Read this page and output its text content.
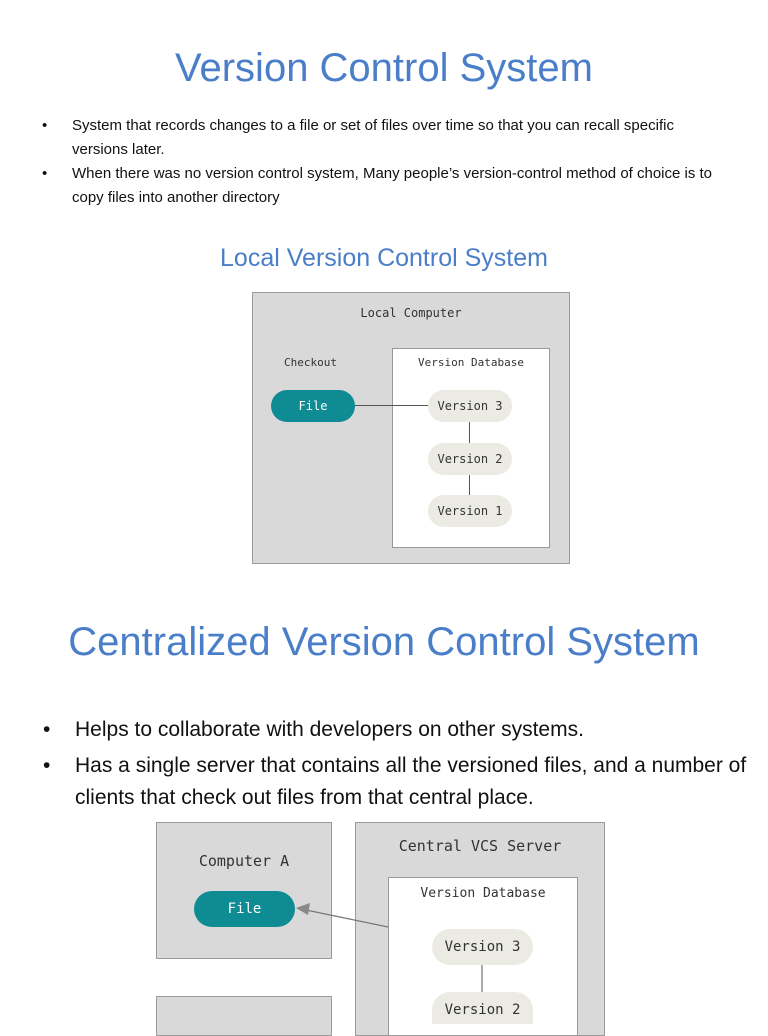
Version Control System
• System that records changes to a file or set of files over time so that you can recall specific versions later.
• When there was no version control system, Many people’s version-control method of choice is to copy files into another directory
Local Version Control System
Local Computer
Checkout	Version Database
File	Version 3
Version 2
Version 1
Centralized Version Control System
• Helps to collaborate with developers on other systems.
• Has a single server that contains all the versioned files, and a number of clients that check out files from that central place.
Computer A
Central VCS Server
Version Database
File
Version 3
Version 2
